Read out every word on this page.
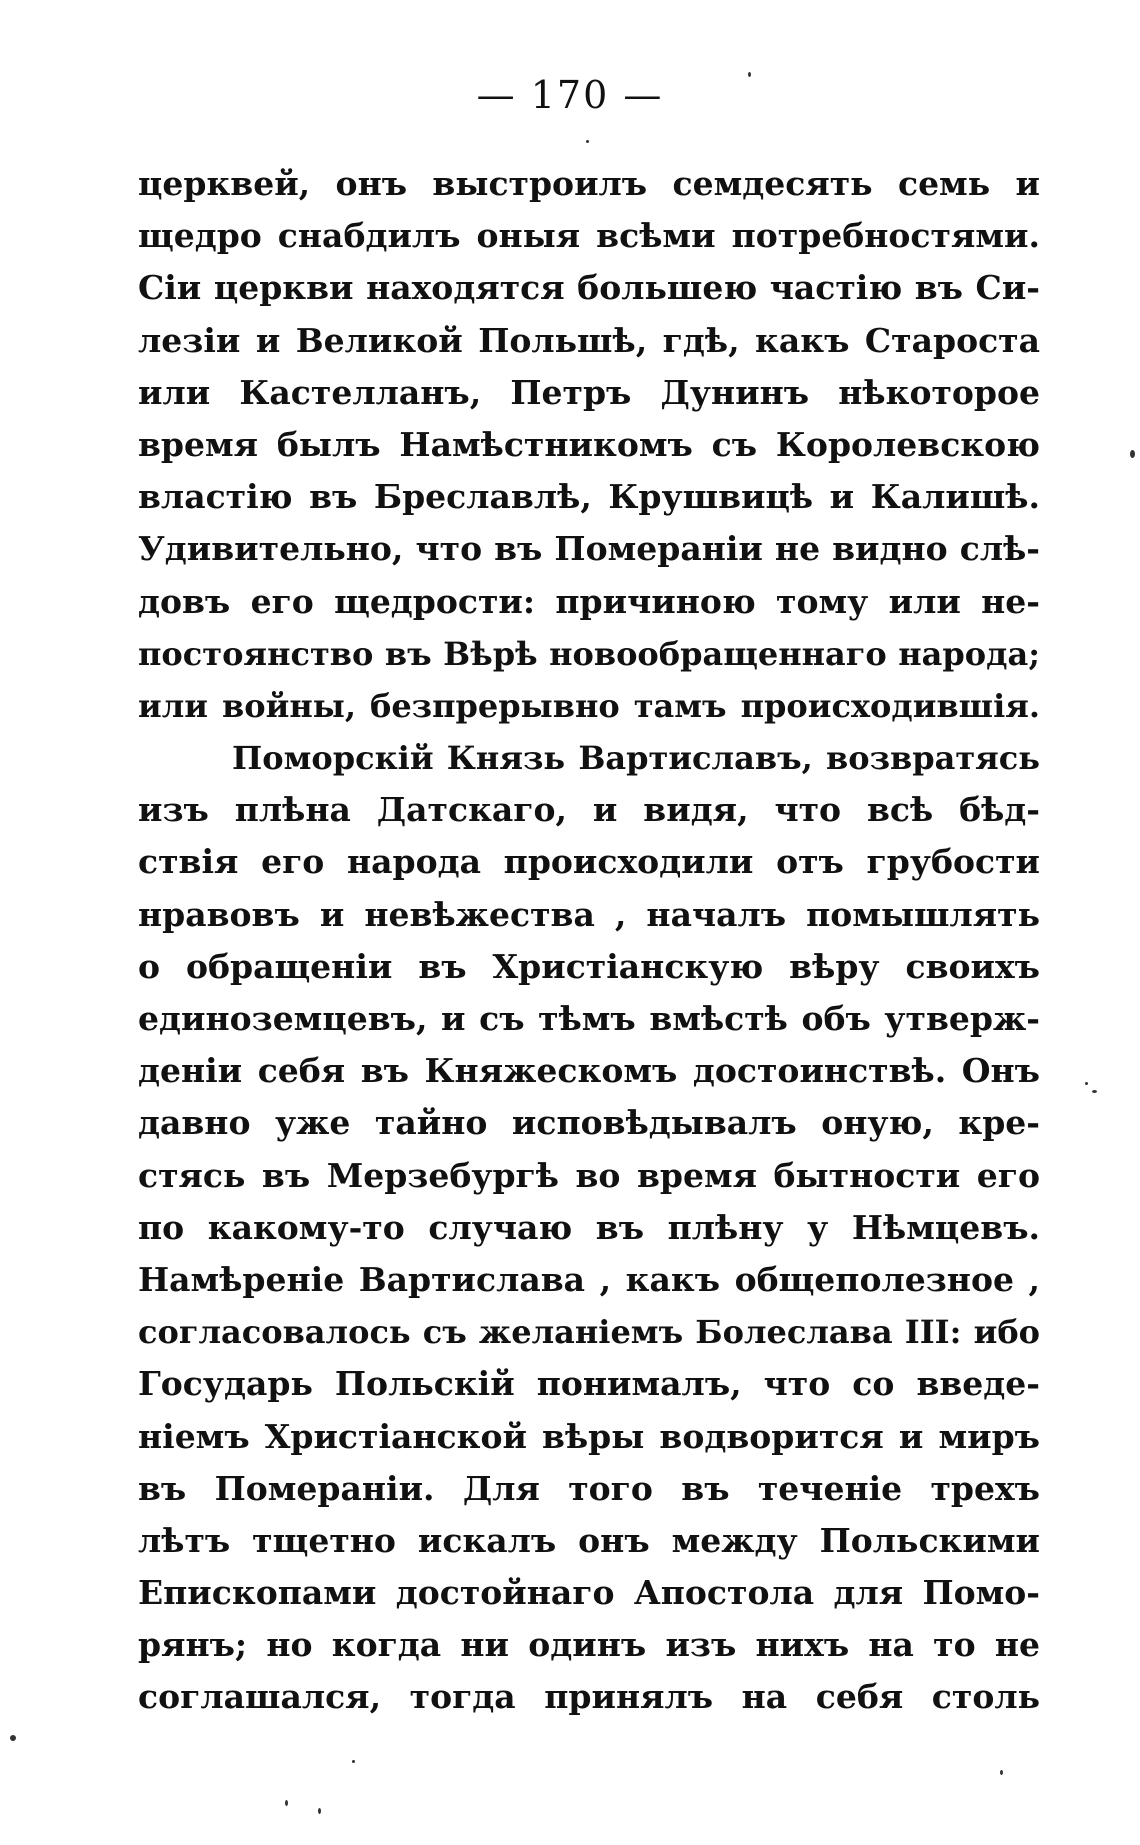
— 170 —
церквей, онъ выстроилъ семдесять семь и
щедро снабдилъ оныя всѣми потребностями.
Сіи церкви находятся большею частію въ Си-
лезіи и Великой Польшѣ, гдѣ, какъ Староста
или Кастелланъ, Петръ Дунинъ нѣкоторое
время былъ Намѣстникомъ съ Королевскою
властію въ Бреславлѣ, Крушвицѣ и Калишѣ.
Удивительно, что въ Помераніи не видно слѣ-
довъ его щедрости: причиною тому или не-
постоянство въ Вѣрѣ новообращеннаго народа;
или войны, безпрерывно тамъ происходившія.
Поморскій Князь Вартиславъ, возвратясь
изъ плѣна Датскаго, и видя, что всѣ бѣд-
ствія его народа происходили отъ грубости
нравовъ и невѣжества , началъ помышлять
о обращеніи въ Христіанскую вѣру своихъ
единоземцевъ, и съ тѣмъ вмѣстѣ объ утверж-
деніи себя въ Княжескомъ достоинствѣ. Онъ
давно уже тайно исповѣдывалъ оную, кре-
стясь въ Мерзебургѣ во время бытности его
по какому-то случаю въ плѣну у Нѣмцевъ.
Намѣреніе Вартислава , какъ общеполезное ,
согласовалось съ желаніемъ Болеслава III: ибо
Государь Польскій понималъ, что со введе-
ніемъ Христіанской вѣры водворится и миръ
въ Помераніи. Для того въ теченіе трехъ
лѣтъ тщетно искалъ онъ между Польскими
Епископами достойнаго Апостола для Помо-
рянъ; но когда ни одинъ изъ нихъ на то не
соглашался, тогда принялъ на себя столь
